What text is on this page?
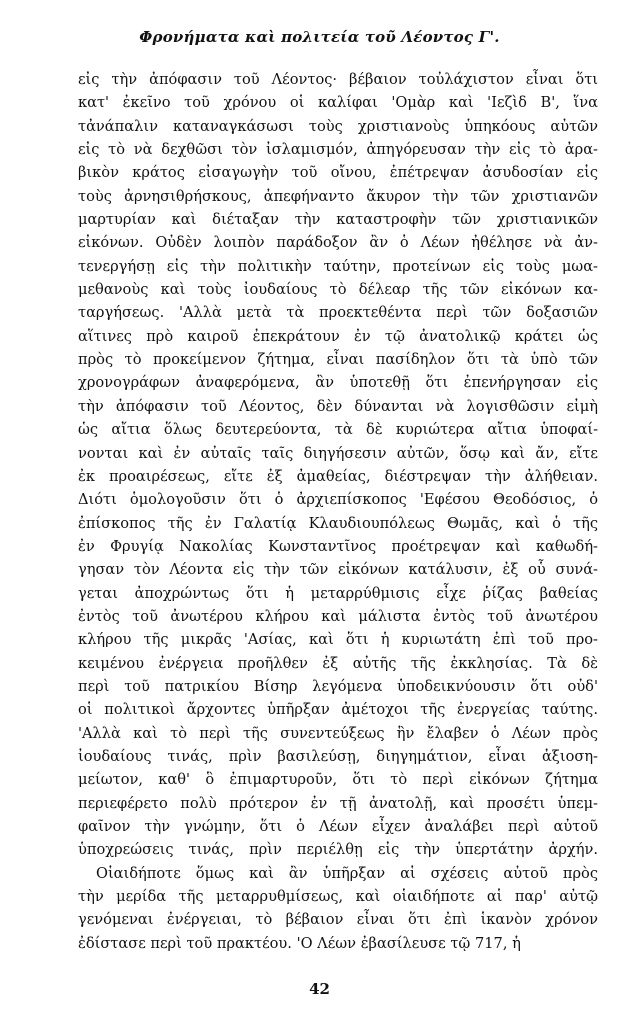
Φρονήματα καὶ πολιτεία τοῦ Λέοντος Γ'.

εἰς τὴν ἀπόφασιν τοῦ Λέοντος· βέβαιον τοὐλάχιστον εἶναι ὅτι
κατ' ἐκεῖνο τοῦ χρόνου οἱ καλίφαι 'Ομὰρ καὶ 'Ιεζὶδ Β', ἵνα
τἀνάπαλιν καταναγκάσωσι τοὺς χριστιανοὺς ὑπηκόους αὐτῶν
εἰς τὸ νὰ δεχθῶσι τὸν ἰσλαμισμόν, ἀπηγόρευσαν τὴν εἰς τὸ ἀρα-
βικὸν κράτος εἰσαγωγὴν τοῦ οἴνου, ἐπέτρεψαν ἀσυδοσίαν εἰς
τοὺς ἀρνησιθρήσκους, ἀπεφήναντο ἄκυρον τὴν τῶν χριστιανῶν
μαρτυρίαν καὶ διέταξαν τὴν καταστροφὴν τῶν χριστιανικῶν
εἰκόνων. Οὐδὲν λοιπὸν παράδοξον ἂν ὁ Λέων ἠθέλησε νὰ ἀν-
τενεργήσῃ εἰς τὴν πολιτικὴν ταύτην, προτείνων εἰς τοὺς μωα-
μεθανοὺς καὶ τοὺς ἰουδαίους τὸ δέλεαρ τῆς τῶν εἰκόνων κα-
ταργήσεως. 'Αλλὰ μετὰ τὰ προεκτεθέντα περὶ τῶν δοξασιῶν
αἵτινες πρὸ καιροῦ ἐπεκράτουν ἐν τῷ ἀνατολικῷ κράτει ὡς
πρὸς τὸ προκείμενον ζήτημα, εἶναι πασίδηλον ὅτι τὰ ὑπὸ τῶν
χρονογράφων ἀναφερόμενα, ἂν ὑποτεθῇ ὅτι ἐπενήργησαν εἰς
τὴν ἀπόφασιν τοῦ Λέοντος, δὲν δύνανται νὰ λογισθῶσιν εἰμὴ
ὡς αἴτια ὅλως δευτερεύοντα, τὰ δὲ κυριώτερα αἴτια ὑποφαί-
νονται καὶ ἐν αὐταῖς ταῖς διηγήσεσιν αὐτῶν, ὅσῳ καὶ ἄν, εἴτε
ἐκ προαιρέσεως, εἴτε ἐξ ἀμαθείας, διέστρεψαν τὴν ἀλήθειαν.
Διότι ὁμολογοῦσιν ὅτι ὁ ἀρχιεπίσκοπος 'Εφέσου Θεοδόσιος, ὁ
ἐπίσκοπος τῆς ἐν Γαλατίᾳ Κλαυδιουπόλεως Θωμᾶς, καὶ ὁ τῆς
ἐν Φρυγίᾳ Νακολίας Κωνσταντῖνος προέτρεψαν καὶ καθωδή-
γησαν τὸν Λέοντα εἰς τὴν τῶν εἰκόνων κατάλυσιν, ἐξ οὗ συνά-
γεται ἀποχρώντως ὅτι ἡ μεταρρύθμισις εἶχε ῥίζας βαθείας
ἐντὸς τοῦ ἀνωτέρου κλήρου καὶ μάλιστα ἐντὸς τοῦ ἀνωτέρου
κλήρου τῆς μικρᾶς 'Ασίας, καὶ ὅτι ἡ κυριωτάτη ἐπὶ τοῦ προ-
κειμένου ἐνέργεια προῆλθεν ἐξ αὐτῆς τῆς ἐκκλησίας. Τὰ δὲ
περὶ τοῦ πατρικίου Βίσηρ λεγόμενα ὑποδεικνύουσιν ὅτι οὐδ'
οἱ πολιτικοὶ ἄρχοντες ὑπῆρξαν ἀμέτοχοι τῆς ἐνεργείας ταύτης.
'Αλλὰ καὶ τὸ περὶ τῆς συνεντεύξεως ἣν ἔλαβεν ὁ Λέων πρὸς
ἰουδαίους τινάς, πρὶν βασιλεύσῃ, διηγημάτιον, εἶναι ἀξιοση-
μείωτον, καθ' ὃ ἐπιμαρτυροῦν, ὅτι τὸ περὶ εἰκόνων ζήτημα
περιεφέρετο πολὺ πρότερον ἐν τῇ ἀνατολῇ, καὶ προσέτι ὑπεμ-
φαῖνον τὴν γνώμην, ὅτι ὁ Λέων εἶχεν ἀναλάβει περὶ αὐτοῦ
ὑποχρεώσεις τινάς, πρὶν περιέλθῃ εἰς τὴν ὑπερτάτην ἀρχήν.

Οἱαιδήποτε ὅμως καὶ ἂν ὑπῆρξαν αἱ σχέσεις αὐτοῦ πρὸς
τὴν μερίδα τῆς μεταρρυθμίσεως, καὶ οἱαιδήποτε αἱ παρ' αὐτῷ
γενόμεναι ἐνέργειαι, τὸ βέβαιον εἶναι ὅτι ἐπὶ ἱκανὸν χρόνον
ἐδίστασε περὶ τοῦ πρακτέου. 'Ο Λέων ἐβασίλευσε τῷ 717, ἡ

42
